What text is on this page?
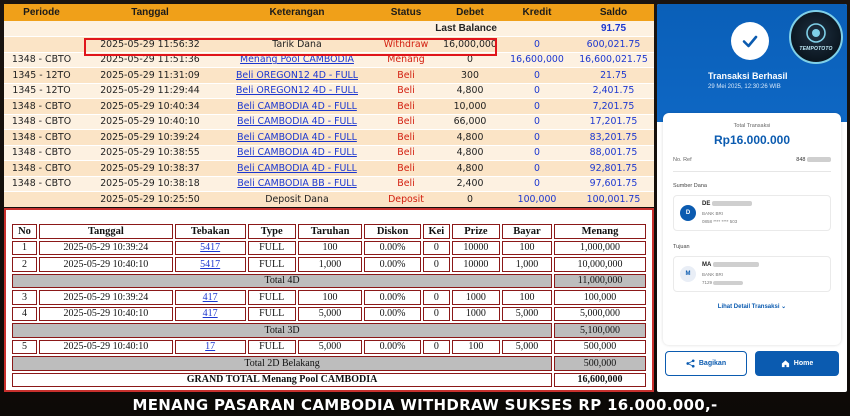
Periode	Tanggal	Keterangan	Status	Debet	Kredit	Saldo
Last Balance						91.75
	2025-05-29 11:56:32	Tarik Dana	Withdraw	16,000,000	0	600,021.75
1348 - CBTO	2025-05-29 11:51:36	Menang Pool CAMBODIA	Menang	0	16,600,000	16,600,021.75
1345 - 12TO	2025-05-29 11:31:09	Beli OREGON12 4D - FULL	Beli	300	0	21.75
1345 - 12TO	2025-05-29 11:29:44	Beli OREGON12 4D - FULL	Beli	4,800	0	2,401.75
1348 - CBTO	2025-05-29 10:40:34	Beli CAMBODIA 4D - FULL	Beli	10,000	0	7,201.75
1348 - CBTO	2025-05-29 10:40:10	Beli CAMBODIA 4D - FULL	Beli	66,000	0	17,201.75
1348 - CBTO	2025-05-29 10:39:24	Beli CAMBODIA 4D - FULL	Beli	4,800	0	83,201.75
1348 - CBTO	2025-05-29 10:38:55	Beli CAMBODIA 4D - FULL	Beli	4,800	0	88,001.75
1348 - CBTO	2025-05-29 10:38:37	Beli CAMBODIA 4D - FULL	Beli	4,800	0	92,801.75
1348 - CBTO	2025-05-29 10:38:18	Beli CAMBODIA BB - FULL	Beli	2,400	0	97,601.75
	2025-05-29 10:25:50	Deposit Dana	Deposit	0	100,000	100,001.75
No	Tanggal	Tebakan	Type	Taruhan	Diskon	Kei	Prize	Bayar	Menang
1	2025-05-29 10:39:24	5417	FULL	100	0.00%	0	10000	100	1,000,000
2	2025-05-29 10:40:10	5417	FULL	1,000	0.00%	0	10000	1,000	10,000,000
Total 4D									11,000,000
3	2025-05-29 10:39:24	417	FULL	100	0.00%	0	1000	100	100,000
4	2025-05-29 10:40:10	417	FULL	5,000	0.00%	0	1000	5,000	5,000,000
Total 3D									5,100,000
5	2025-05-29 10:40:10	17	FULL	5,000	0.00%	0	100	5,000	500,000
Total 2D Belakang									500,000
GRAND TOTAL Menang Pool CAMBODIA									16,600,000
TEMPOTOTO
Transaksi Berhasil
29 Mei 2025, 12:30:26 WIB
Total Transaksi
Rp16.000.000
No. Ref	848
Sumber Dana
D
DE
BANK BRI
0858 **** **** 503
Tujuan
M
MA
BANK BRI
7129
Lihat Detail Transaksi ⌄
Bagikan	Home
MENANG PASARAN CAMBODIA WITHDRAW SUKSES RP 16.000.000,-
